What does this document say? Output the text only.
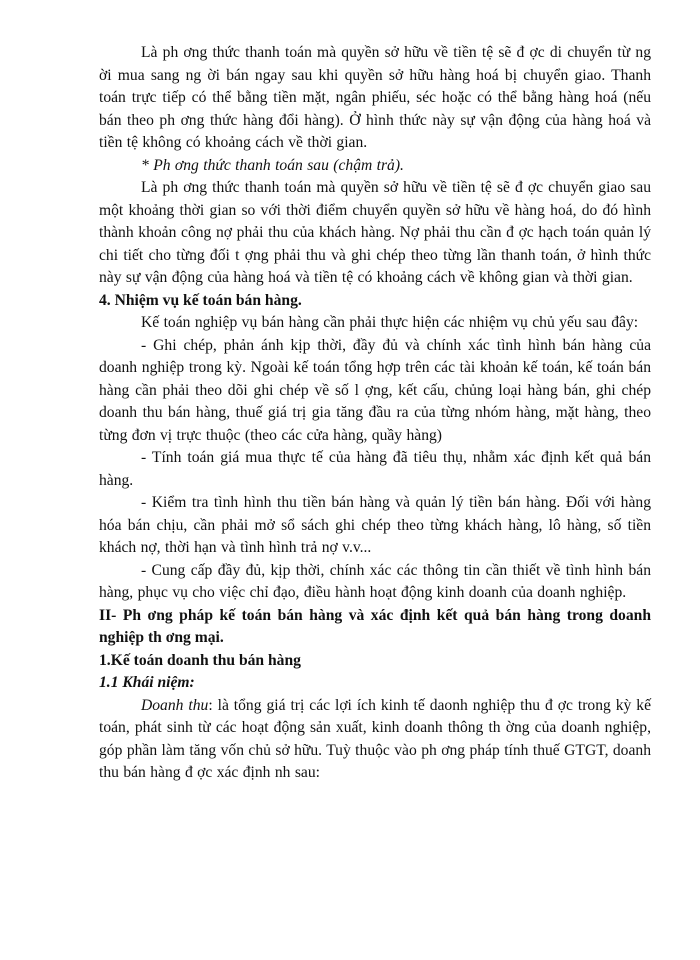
Là ph ơng thức thanh toán mà quyền sở hữu về tiền tệ sẽ đ ợc di chuyển từ ng ời mua sang ng ời bán ngay sau khi quyền sở hữu hàng hoá bị chuyển giao. Thanh toán trực tiếp có thể bằng tiền mặt, ngân phiếu, séc hoặc có thể bằng hàng hoá (nếu bán theo ph ơng thức hàng đổi hàng). Ở hình thức này sự vận động của hàng hoá và tiền tệ không có khoảng cách về thời gian.

* Ph ơng thức thanh toán sau (chậm trả).

Là ph ơng thức thanh toán mà quyền sở hữu về tiền tệ sẽ đ ợc chuyển giao sau một khoảng thời gian so với thời điểm chuyển quyền sở hữu về hàng hoá, do đó hình thành khoản công nợ phải thu của khách hàng. Nợ phải thu cần đ ợc hạch toán quản lý chi tiết cho từng đối t ợng phải thu và ghi chép theo từng lần thanh toán, ở hình thức này sự vận động của hàng hoá và tiền tệ có khoảng cách về không gian và thời gian.

4. Nhiệm vụ kế toán bán hàng.

Kế toán nghiệp vụ bán hàng cần phải thực hiện các nhiệm vụ chủ yếu sau đây:

- Ghi chép, phản ánh kịp thời, đầy đủ và chính xác tình hình bán hàng của doanh nghiệp trong kỳ. Ngoài kế toán tổng hợp trên các tài khoản kế toán, kế toán bán hàng cần phải theo dõi ghi chép về số l ợng, kết cấu, chủng loại hàng bán, ghi chép doanh thu bán hàng, thuế giá trị gia tăng đầu ra của từng nhóm hàng, mặt hàng, theo từng đơn vị trực thuộc (theo các cửa hàng, quầy hàng)

- Tính toán giá mua thực tế của hàng đã tiêu thụ, nhằm xác định kết quả bán hàng.

- Kiểm tra tình hình thu tiền bán hàng và quản lý tiền bán hàng. Đối với hàng hóa bán chịu, cần phải mở sổ sách ghi chép theo từng khách hàng, lô hàng, số tiền khách nợ, thời hạn và tình hình trả nợ v.v...

- Cung cấp đầy đủ, kịp thời, chính xác các thông tin cần thiết về tình hình bán hàng, phục vụ cho việc chỉ đạo, điều hành hoạt động kinh doanh của doanh nghiệp.

II- Ph ơng pháp kế toán bán hàng và xác định kết quả bán hàng trong doanh nghiệp th ơng mại.

1.Kế toán doanh thu bán hàng

1.1 Khái niệm:

Doanh thu: là tổng giá trị các lợi ích kinh tế daonh nghiệp thu đ ợc trong kỳ kế toán, phát sinh từ các hoạt động sản xuất, kinh doanh thông th ờng của doanh nghiệp, góp phần làm tăng vốn chủ sở hữu. Tuỳ thuộc vào ph ơng pháp tính thuế GTGT, doanh thu bán hàng đ ợc xác định nh sau:
